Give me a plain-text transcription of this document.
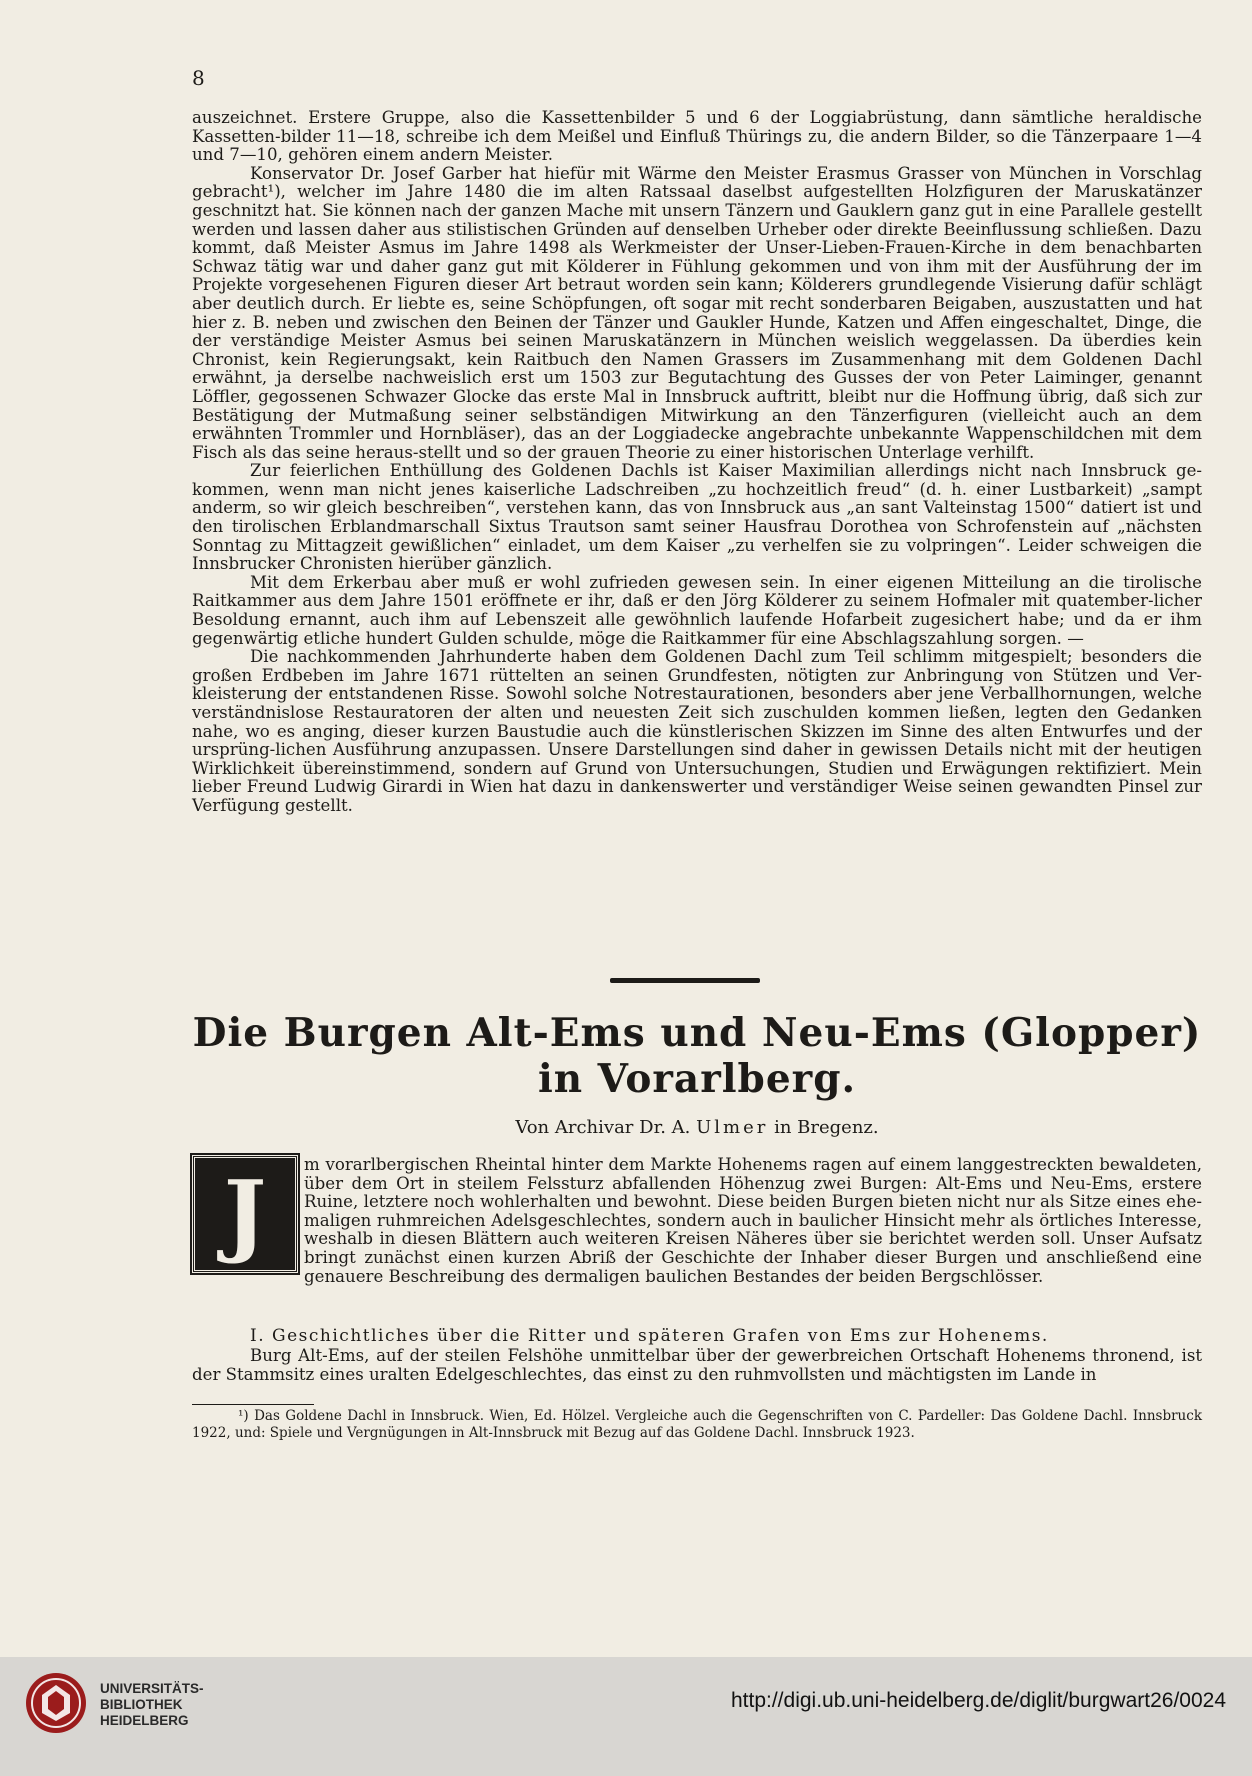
8

auszeichnet. Erstere Gruppe, also die Kassettenbilder 5 und 6 der Loggiabrüstung, dann sämtliche heraldische Kassetten-bilder 11—18, schreibe ich dem Meißel und Einfluß Thürings zu, die andern Bilder, so die Tänzerpaare 1—4 und 7—10, gehören einem andern Meister.

Konservator Dr. Josef Garber hat hiefür mit Wärme den Meister Erasmus Grasser von München in Vorschlag gebracht¹), welcher im Jahre 1480 die im alten Ratssaal daselbst aufgestellten Holzfiguren der Maruskatänzer geschnitzt hat. Sie können nach der ganzen Mache mit unsern Tänzern und Gauklern ganz gut in eine Parallele gestellt werden und lassen daher aus stilistischen Gründen auf denselben Urheber oder direkte Beeinflussung schließen. Dazu kommt, daß Meister Asmus im Jahre 1498 als Werkmeister der Unser-Lieben-Frauen-Kirche in dem benachbarten Schwaz tätig war und daher ganz gut mit Kölderer in Fühlung gekommen und von ihm mit der Ausführung der im Projekte vorgesehenen Figuren dieser Art betraut worden sein kann; Kölderers grundlegende Visierung dafür schlägt aber deutlich durch. Er liebte es, seine Schöpfungen, oft sogar mit recht sonderbaren Beigaben, auszustatten und hat hier z. B. neben und zwischen den Beinen der Tänzer und Gaukler Hunde, Katzen und Affen eingeschaltet, Dinge, die der verständige Meister Asmus bei seinen Maruskatänzern in München weislich weggelassen. Da überdies kein Chronist, kein Regierungsakt, kein Raitbuch den Namen Grassers im Zusammenhang mit dem Goldenen Dachl erwähnt, ja derselbe nachweislich erst um 1503 zur Begutachtung des Gusses der von Peter Laiminger, genannt Löffler, gegossenen Schwazer Glocke das erste Mal in Innsbruck auftritt, bleibt nur die Hoffnung übrig, daß sich zur Bestätigung der Mutmaßung seiner selbständigen Mitwirkung an den Tänzerfiguren (vielleicht auch an dem erwähnten Trommler und Hornbläser), das an der Loggiadecke angebrachte unbekannte Wappenschildchen mit dem Fisch als das seine heraus-stellt und so der grauen Theorie zu einer historischen Unterlage verhilft.

Zur feierlichen Enthüllung des Goldenen Dachls ist Kaiser Maximilian allerdings nicht nach Innsbruck ge-kommen, wenn man nicht jenes kaiserliche Ladschreiben „zu hochzeitlich freud“ (d. h. einer Lustbarkeit) „sampt anderm, so wir gleich beschreiben“, verstehen kann, das von Innsbruck aus „an sant Valteinstag 1500“ datiert ist und den tirolischen Erblandmarschall Sixtus Trautson samt seiner Hausfrau Dorothea von Schrofenstein auf „nächsten Sonntag zu Mittagzeit gewißlichen“ einladet, um dem Kaiser „zu verhelfen sie zu volpringen“. Leider schweigen die Innsbrucker Chronisten hierüber gänzlich.

Mit dem Erkerbau aber muß er wohl zufrieden gewesen sein. In einer eigenen Mitteilung an die tirolische Raitkammer aus dem Jahre 1501 eröffnete er ihr, daß er den Jörg Kölderer zu seinem Hofmaler mit quatember-licher Besoldung ernannt, auch ihm auf Lebenszeit alle gewöhnlich laufende Hofarbeit zugesichert habe; und da er ihm gegenwärtig etliche hundert Gulden schulde, möge die Raitkammer für eine Abschlagszahlung sorgen. —

Die nachkommenden Jahrhunderte haben dem Goldenen Dachl zum Teil schlimm mitgespielt; besonders die großen Erdbeben im Jahre 1671 rüttelten an seinen Grundfesten, nötigten zur Anbringung von Stützen und Ver-kleisterung der entstandenen Risse. Sowohl solche Notrestaurationen, besonders aber jene Verballhornungen, welche verständnislose Restauratoren der alten und neuesten Zeit sich zuschulden kommen ließen, legten den Gedanken nahe, wo es anging, dieser kurzen Baustudie auch die künstlerischen Skizzen im Sinne des alten Entwurfes und der ursprüng-lichen Ausführung anzupassen. Unsere Darstellungen sind daher in gewissen Details nicht mit der heutigen Wirklichkeit übereinstimmend, sondern auf Grund von Untersuchungen, Studien und Erwägungen rektifiziert. Mein lieber Freund Ludwig Girardi in Wien hat dazu in dankenswerter und verständiger Weise seinen gewandten Pinsel zur Verfügung gestellt.

Die Burgen Alt-Ems und Neu-Ems (Glopper)
in Vorarlberg.
Von Archivar Dr. A. Ulmer in Bregenz.
J	m vorarlbergischen Rheintal hinter dem Markte Hohenems ragen auf einem langgestreckten bewaldeten, über dem Ort in steilem Felssturz abfallenden Höhenzug zwei Burgen: Alt-Ems und Neu-Ems, erstere Ruine, letztere noch wohlerhalten und bewohnt. Diese beiden Burgen bieten nicht nur als Sitze eines ehe-maligen ruhmreichen Adelsgeschlechtes, sondern auch in baulicher Hinsicht mehr als örtliches Interesse, weshalb in diesen Blättern auch weiteren Kreisen Näheres über sie berichtet werden soll. Unser Aufsatz bringt zunächst einen kurzen Abriß der Geschichte der Inhaber dieser Burgen und anschließend eine genauere Beschreibung des dermaligen baulichen Bestandes der beiden Bergschlösser.

I. Geschichtliches über die Ritter und späteren Grafen von Ems zur Hohenems.

Burg Alt-Ems, auf der steilen Felshöhe unmittelbar über der gewerbreichen Ortschaft Hohenems thronend, ist der Stammsitz eines uralten Edelgeschlechtes, das einst zu den ruhmvollsten und mächtigsten im Lande in

¹) Das Goldene Dachl in Innsbruck. Wien, Ed. Hölzel. Vergleiche auch die Gegenschriften von C. Pardeller: Das Goldene Dachl. Innsbruck 1922, und: Spiele und Vergnügungen in Alt-Innsbruck mit Bezug auf das Goldene Dachl. Innsbruck 1923.

UNIVERSITÄTS-
BIBLIOTHEK
HEIDELBERG
http://digi.ub.uni-heidelberg.de/diglit/burgwart26/0024
